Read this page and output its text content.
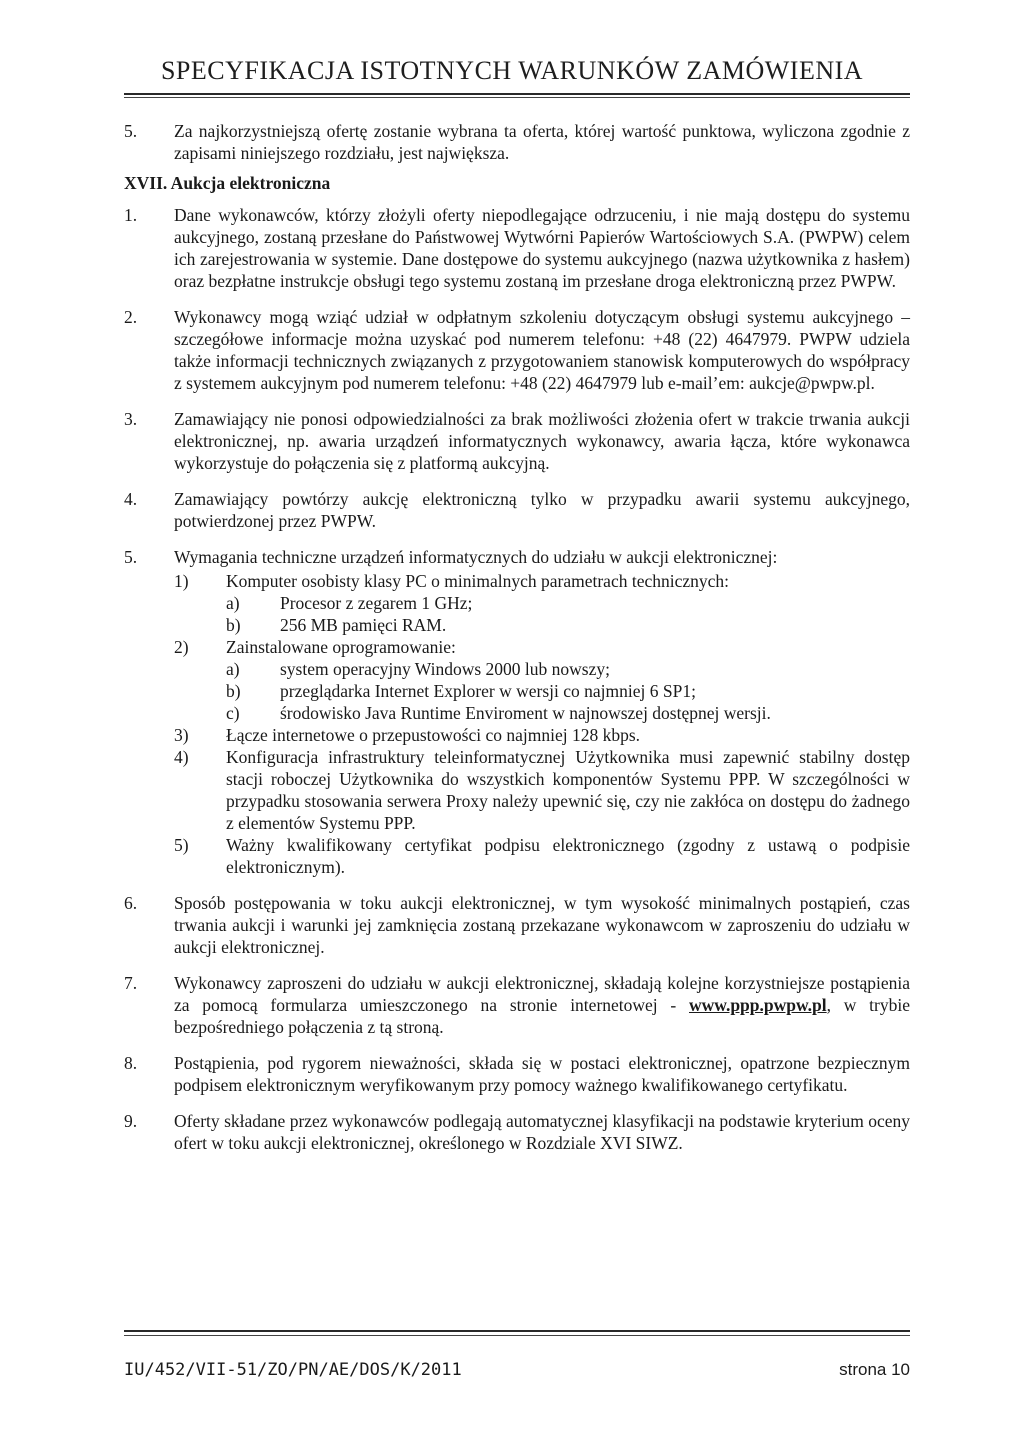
SPECYFIKACJA ISTOTNYCH WARUNKÓW ZAMÓWIENIA
5.	Za najkorzystniejszą ofertę zostanie wybrana ta oferta, której wartość punktowa, wyliczona zgodnie z zapisami niniejszego rozdziału, jest największa.
XVII. Aukcja elektroniczna
1.	Dane wykonawców, którzy złożyli oferty niepodlegające odrzuceniu, i nie mają dostępu do systemu aukcyjnego, zostaną przesłane do Państwowej Wytwórni Papierów Wartościowych S.A. (PWPW) celem ich zarejestrowania w systemie. Dane dostępowe do systemu aukcyjnego (nazwa użytkownika z hasłem) oraz bezpłatne instrukcje obsługi tego systemu zostaną im przesłane droga elektroniczną przez PWPW.
2.	Wykonawcy mogą wziąć udział w odpłatnym szkoleniu dotyczącym obsługi systemu aukcyjnego – szczegółowe informacje można uzyskać pod numerem telefonu: +48 (22) 4647979. PWPW udziela także informacji technicznych związanych z przygotowaniem stanowisk komputerowych do współpracy z systemem aukcyjnym pod numerem telefonu: +48 (22) 4647979 lub e-mail’em: aukcje@pwpw.pl.
3.	Zamawiający nie ponosi odpowiedzialności za brak możliwości złożenia ofert w trakcie trwania aukcji elektronicznej, np. awaria urządzeń informatycznych wykonawcy, awaria łącza, które wykonawca wykorzystuje do połączenia się z platformą aukcyjną.
4.	Zamawiający powtórzy aukcję elektroniczną tylko w przypadku awarii systemu aukcyjnego, potwierdzonej przez PWPW.
5.	Wymagania techniczne urządzeń informatycznych do udziału w aukcji elektronicznej:
1)	Komputer osobisty klasy PC o minimalnych parametrach technicznych:
a)	Procesor z zegarem 1 GHz;
b)	256 MB pamięci RAM.
2)	Zainstalowane oprogramowanie:
a)	system operacyjny Windows 2000 lub nowszy;
b)	przeglądarka Internet Explorer w wersji co najmniej 6 SP1;
c)	środowisko Java Runtime Enviroment w najnowszej dostępnej wersji.
3)	Łącze internetowe o przepustowości co najmniej 128 kbps.
4)	Konfiguracja infrastruktury teleinformatycznej Użytkownika musi zapewnić stabilny dostęp stacji roboczej Użytkownika do wszystkich komponentów Systemu PPP. W szczególności w przypadku stosowania serwera Proxy należy upewnić się, czy nie zakłóca on dostępu do żadnego z elementów Systemu PPP.
5)	Ważny kwalifikowany certyfikat podpisu elektronicznego (zgodny z ustawą o podpisie elektronicznym).
6.	Sposób postępowania w toku aukcji elektronicznej, w tym wysokość minimalnych postąpień, czas trwania aukcji i warunki jej zamknięcia zostaną przekazane wykonawcom w zaproszeniu do udziału w aukcji elektronicznej.
7.	Wykonawcy zaproszeni do udziału w aukcji elektronicznej, składają kolejne korzystniejsze postąpienia za pomocą formularza umieszczonego na stronie internetowej - www.ppp.pwpw.pl, w trybie bezpośredniego połączenia z tą stroną.
8.	Postąpienia, pod rygorem nieważności, składa się w postaci elektronicznej, opatrzone bezpiecznym podpisem elektronicznym weryfikowanym przy pomocy ważnego kwalifikowanego certyfikatu.
9.	Oferty składane przez wykonawców podlegają automatycznej klasyfikacji na podstawie kryterium oceny ofert w toku aukcji elektronicznej, określonego w Rozdziale XVI SIWZ.
IU/452/VII-51/ZO/PN/AE/DOS/K/2011	strona 10
